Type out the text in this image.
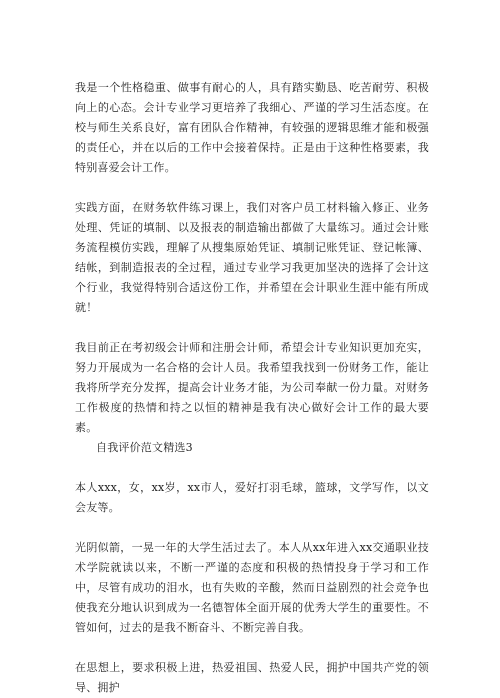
我是一个性格稳重、做事有耐心的人，具有踏实勤恳、吃苦耐劳、积极向上的心态。会计专业学习更培养了我细心、严谨的学习生活态度。在校与师生关系良好，富有团队合作精神，有较强的逻辑思维才能和极强的责任心，并在以后的工作中会接着保持。正是由于这种性格要素，我特别喜爱会计工作。

实践方面，在财务软件练习课上，我们对客户员工材料输入修正、业务处理、凭证的填制、以及报表的制造输出都做了大量练习。通过会计账务流程模仿实践，理解了从搜集原始凭证、填制记账凭证、登记帐簿、结帐，到制造报表的全过程，通过专业学习我更加坚决的选择了会计这个行业，我觉得特别合适这份工作，并希望在会计职业生涯中能有所成就！

我目前正在考初级会计师和注册会计师，希望会计专业知识更加充实，努力开展成为一名合格的会计人员。我希望我找到一份财务工作，能让我将所学充分发挥，提高会计业务才能，为公司奉献一份力量。对财务工作极度的热情和持之以恒的精神是我有决心做好会计工作的最大要素。

自我评价范文精选3

本人xxx，女，xx岁，xx市人，爱好打羽毛球，篮球，文学写作，以文会友等。

光阴似箭，一晃一年的大学生活过去了。本人从xx年进入xx交通职业技术学院就读以来，不断一严谨的态度和积极的热情投身于学习和工作中，尽管有成功的泪水，也有失败的辛酸，然而日益剧烈的社会竞争也使我充分地认识到成为一名德智体全面开展的优秀大学生的重要性。不管如何，过去的是我不断奋斗、不断完善自我。

在思想上，要求积极上进，热爱祖国、热爱人民，拥护中国共产党的领导、拥护
